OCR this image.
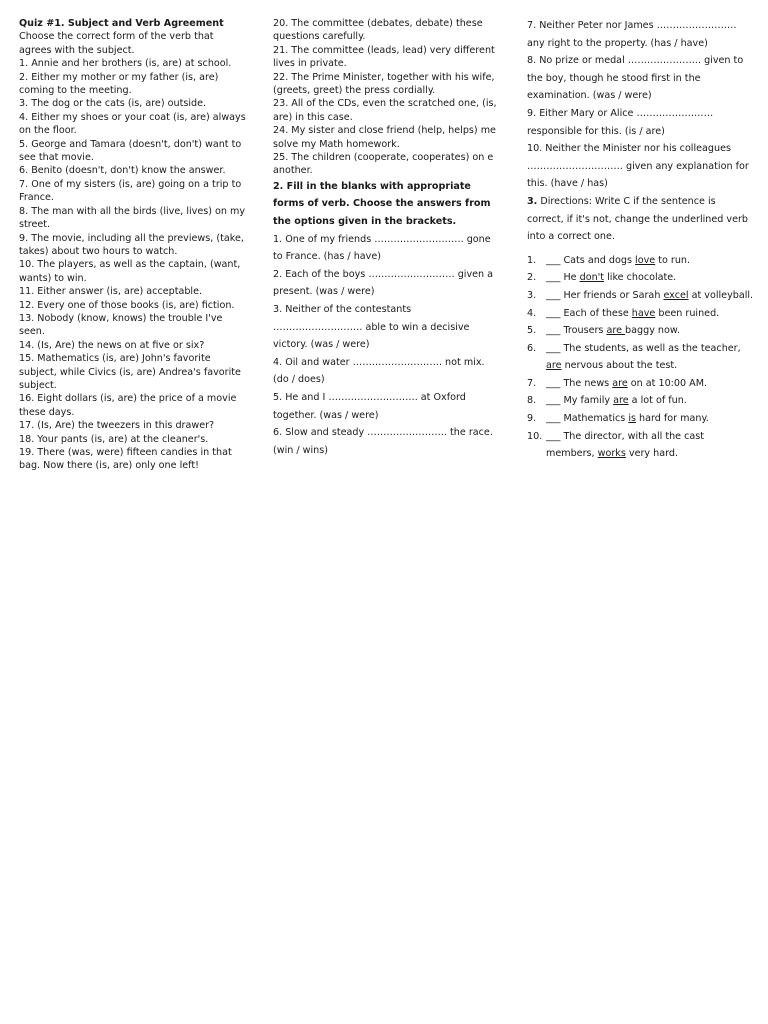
Quiz #1. Subject and Verb Agreement
Choose the correct form of the verb that agrees with the subject.

1. Annie and her brothers (is, are) at school.

2. Either my mother or my father (is, are) coming to the meeting.

3. The dog or the cats (is, are) outside.

4. Either my shoes or your coat (is, are) always on the floor.

5. George and Tamara (doesn't, don't) want to see that movie.

6. Benito (doesn't, don't) know the answer.

7. One of my sisters (is, are) going on a trip to France.

8. The man with all the birds (live, lives) on my street.

9. The movie, including all the previews, (take, takes) about two hours to watch.

10. The players, as well as the captain, (want, wants) to win.

11. Either answer (is, are) acceptable.

12. Every one of those books (is, are) fiction.

13. Nobody (know, knows) the trouble I've seen.

14. (Is, Are) the news on at five or six?

15. Mathematics (is, are) John's favorite subject, while Civics (is, are) Andrea's favorite subject.

16. Eight dollars (is, are) the price of a movie these days.

17. (Is, Are) the tweezers in this drawer?

18. Your pants (is, are) at the cleaner's.

19. There (was, were) fifteen candies in that bag. Now there (is, are) only one left!

20. The committee (debates, debate) these questions carefully.

21. The committee (leads, lead) very different lives in private.

22. The Prime Minister, together with his wife, (greets, greet) the press cordially.

23. All of the CDs, even the scratched one, (is, are) in this case.

24. My sister and close friend (help, helps) me solve my Math homework.

25. The children (cooperate, cooperates) on e another.

2. Fill in the blanks with appropriate forms of verb. Choose the answers from the options given in the brackets.

1. One of my friends ………………………. gone to France. (has / have)

2. Each of the boys ……………………… given a present. (was / were)

3. Neither of the contestants ………………………. able to win a decisive victory. (was / were)

4. Oil and water ………………………. not mix. (do / does)

5. He and I ………………………. at Oxford together. (was / were)

6. Slow and steady ……………………. the race. (win / wins)

7. Neither Peter nor James ……………………. any right to the property. (has / have)

8. No prize or medal ………………….. given to the boy, though he stood first in the examination. (was / were)

9. Either Mary or Alice …………………… responsible for this. (is / are)

10. Neither the Minister nor his colleagues ………………………… given any explanation for this. (have / has)

3. Directions: Write C if the sentence is correct, if it's not, change the underlined verb into a correct one.
1. ___ Cats and dogs love to run.
2. ___ He don't like chocolate.
3. ___ Her friends or Sarah excel at volleyball.
4. ___ Each of these have been ruined.
5. ___ Trousers are baggy now.
6. ___ The students, as well as the teacher, are nervous about the test.
7. ___ The news are on at 10:00 AM.
8. ___ My family are a lot of fun.
9. ___ Mathematics is hard for many.
10. ___ The director, with all the cast members, works very hard.
